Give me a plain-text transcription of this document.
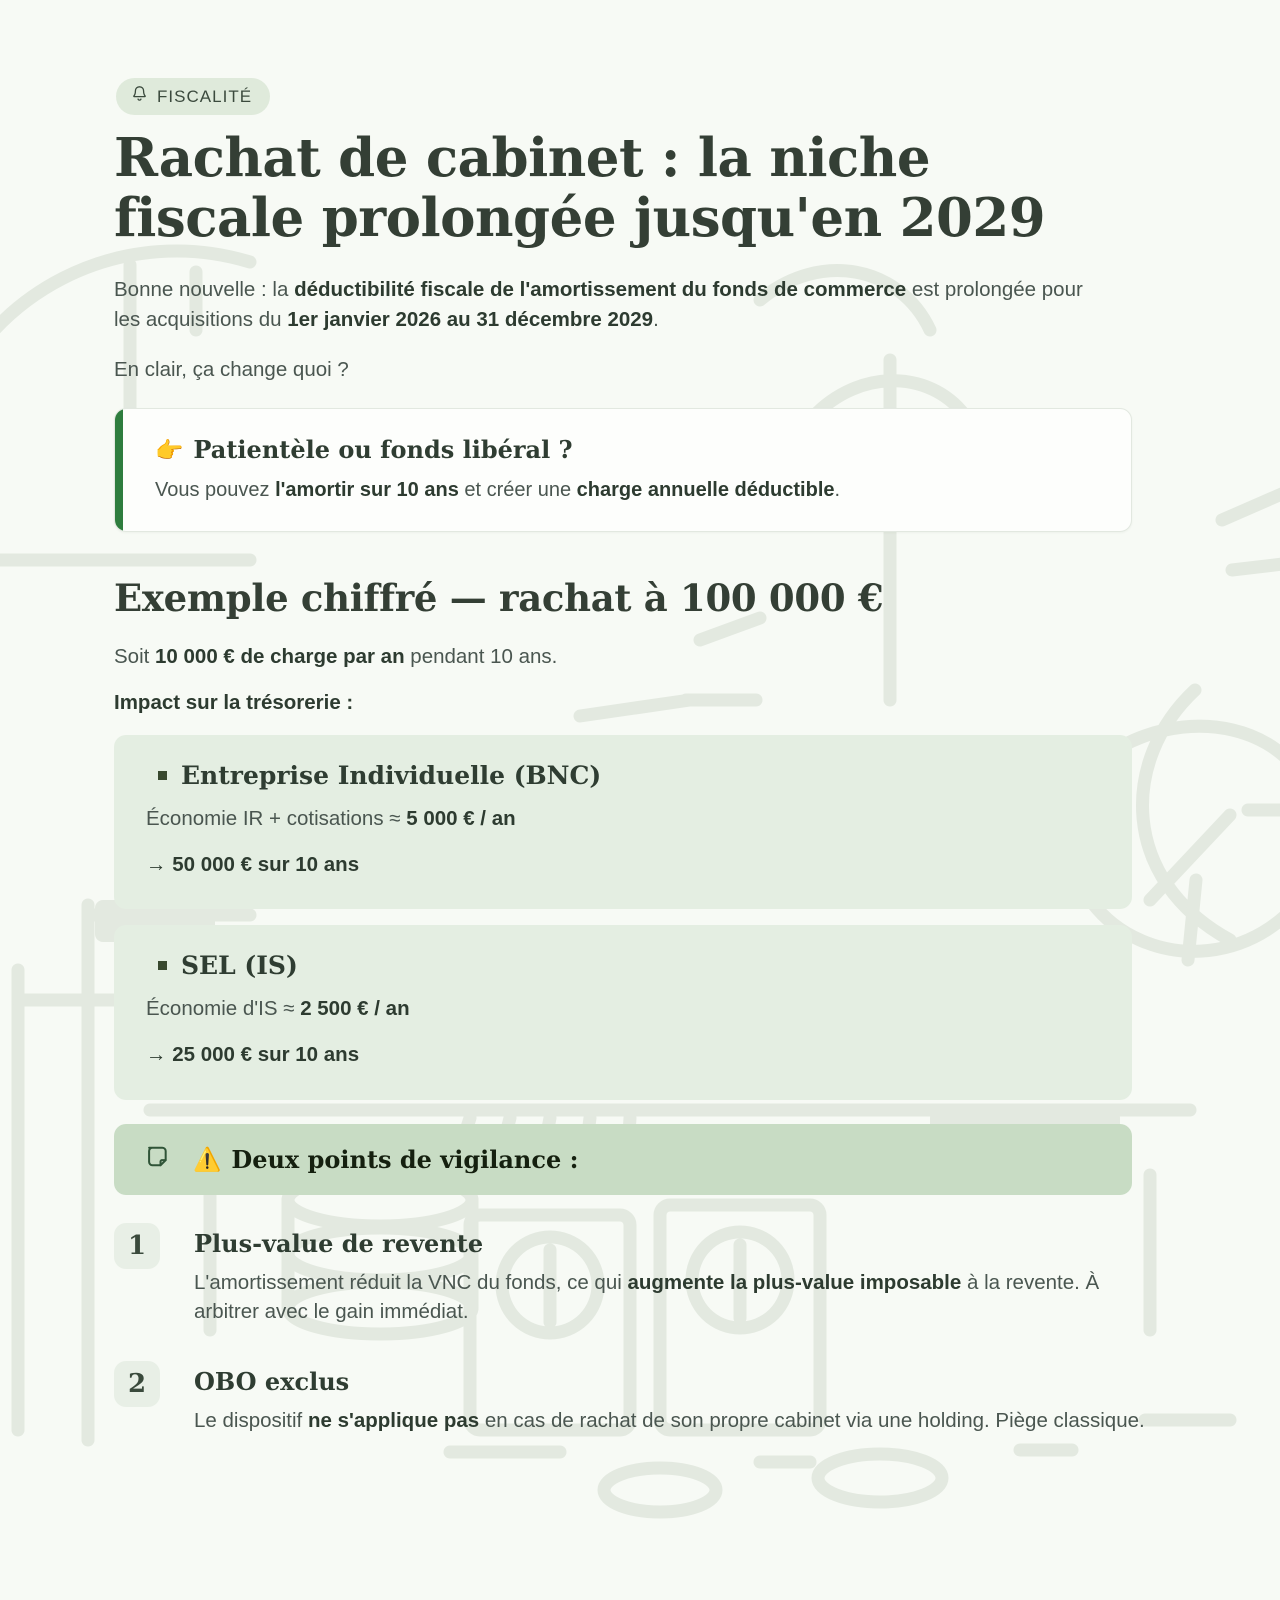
FISCALITÉ
Rachat de cabinet : la niche fiscale prolongée jusqu'en 2029

Bonne nouvelle : la déductibilité fiscale de l'amortissement du fonds de commerce est prolongée pour les acquisitions du 1er janvier 2026 au 31 décembre 2029.

En clair, ça change quoi ?

👉 Patientèle ou fonds libéral ?

Vous pouvez l'amortir sur 10 ans et créer une charge annuelle déductible.

Exemple chiffré — rachat à 100 000 €

Soit 10 000 € de charge par an pendant 10 ans.

Impact sur la trésorerie :

Entreprise Individuelle (BNC)

Économie IR + cotisations ≈ 5 000 € / an

→ 50 000 € sur 10 ans

SEL (IS)

Économie d'IS ≈ 2 500 € / an

→ 25 000 € sur 10 ans

⚠️ Deux points de vigilance :
1	Plus-value de revente

L'amortissement réduit la VNC du fonds, ce qui augmente la plus-value imposable à la revente. À arbitrer avec le gain immédiat.

2	OBO exclus

Le dispositif ne s'applique pas en cas de rachat de son propre cabinet via une holding. Piège classique.
